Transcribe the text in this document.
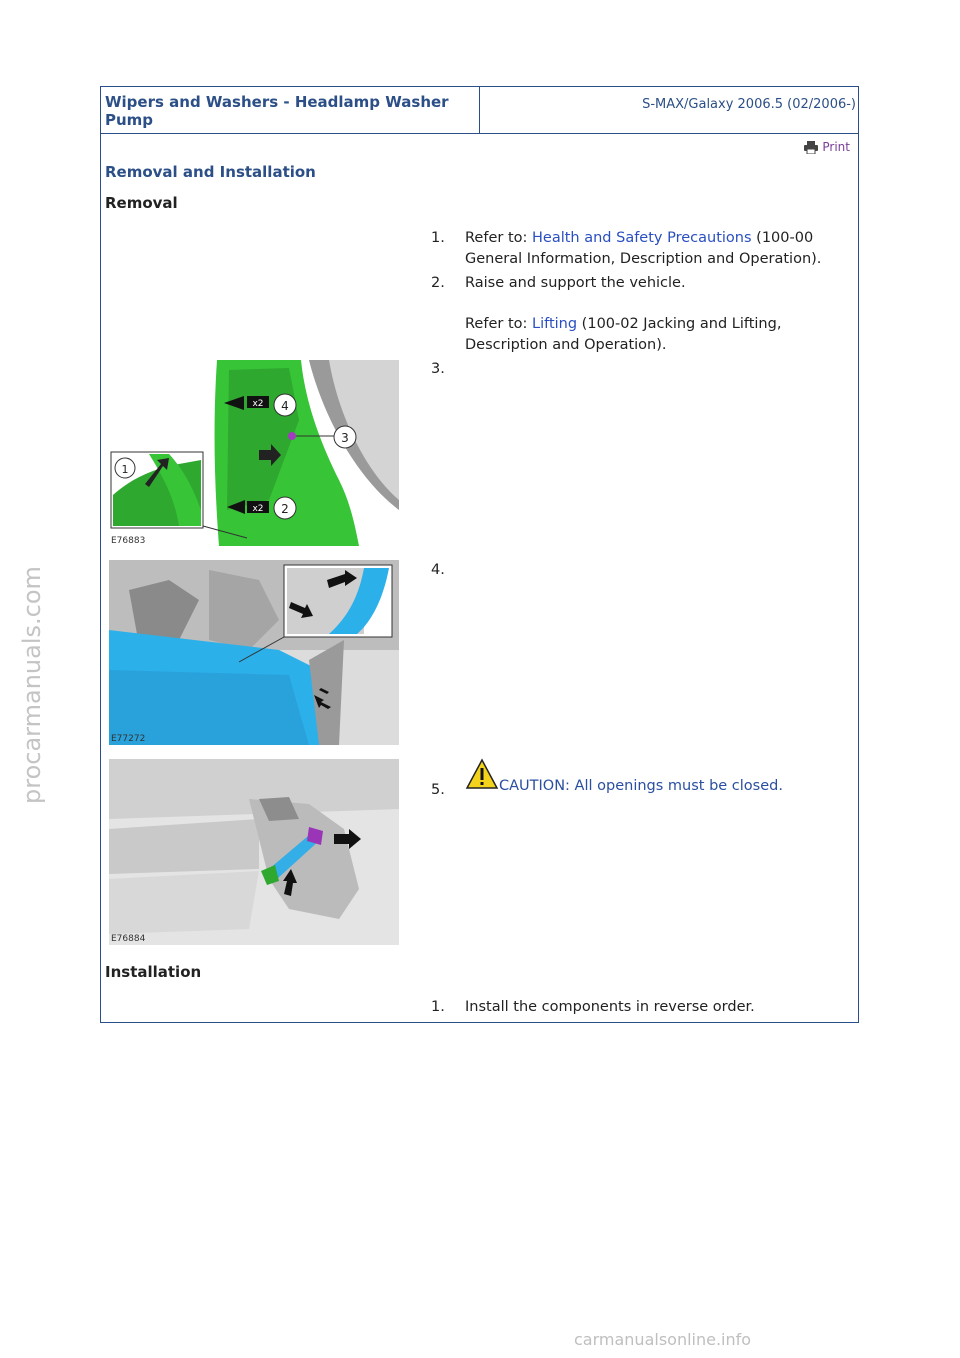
Wipers and Washers - Headlamp Washer Pump
S-MAX/Galaxy 2006.5 (02/2006-)
Print
Removal and Installation
Removal
1.	Refer to: Health and Safety Precautions (100-00 General Information, Description and Operation).
2.	Raise and support the vehicle.
Refer to: Lifting (100-02 Jacking and Lifting, Description and Operation).
3.
3
4
x2
2
x2
1
E76883
4.
E77272
5.	CAUTION: All openings must be closed.
E76884
Installation
1.	Install the components in reverse order.
procarmanuals.com
carmanualsonline.info
